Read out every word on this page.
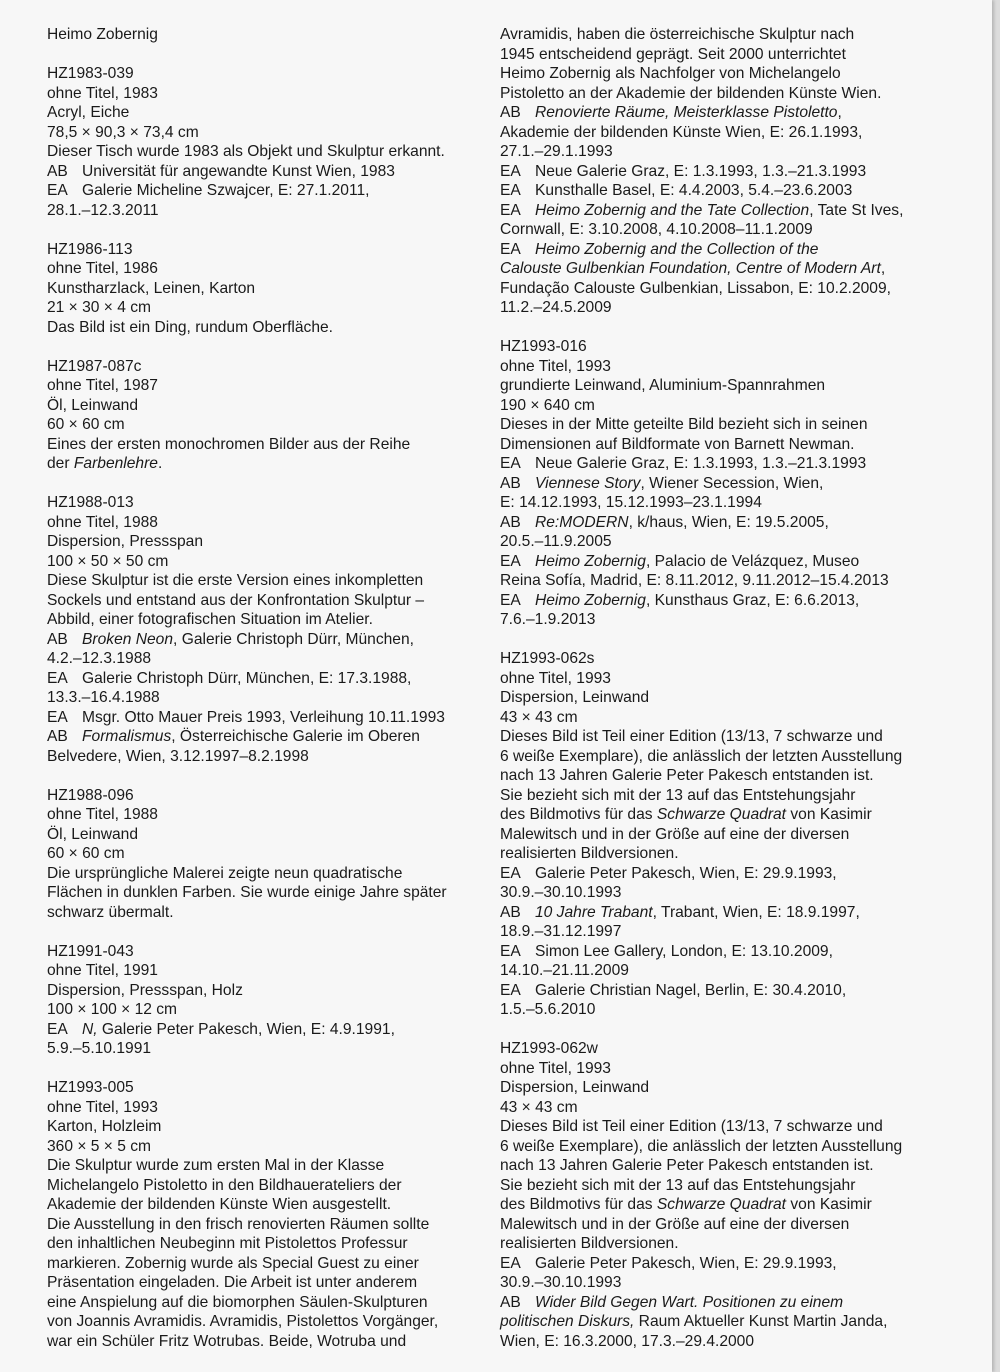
Heimo Zobernig
HZ1983-039
ohne Titel, 1983
Acryl, Eiche
78,5 × 90,3 × 73,4 cm
Dieser Tisch wurde 1983 als Objekt und Skulptur erkannt.
AB Universität für angewandte Kunst Wien, 1983
EA Galerie Micheline Szwajcer, E: 27.1.2011,
28.1.–12.3.2011
HZ1986-113
ohne Titel, 1986
Kunstharzlack, Leinen, Karton
21 × 30 × 4 cm
Das Bild ist ein Ding, rundum Oberfläche.
HZ1987-087c
ohne Titel, 1987
Öl, Leinwand
60 × 60 cm
Eines der ersten monochromen Bilder aus der Reihe
der Farbenlehre.
HZ1988-013
ohne Titel, 1988
Dispersion, Pressspan
100 × 50 × 50 cm
Diese Skulptur ist die erste Version eines inkompletten
Sockels und entstand aus der Konfrontation Skulptur –
Abbild, einer fotografischen Situation im Atelier.
AB Broken Neon, Galerie Christoph Dürr, München,
4.2.–12.3.1988
EA Galerie Christoph Dürr, München, E: 17.3.1988,
13.3.–16.4.1988
EA Msgr. Otto Mauer Preis 1993, Verleihung 10.11.1993
AB Formalismus, Österreichische Galerie im Oberen
Belvedere, Wien, 3.12.1997–8.2.1998
HZ1988-096
ohne Titel, 1988
Öl, Leinwand
60 × 60 cm
Die ursprüngliche Malerei zeigte neun quadratische
Flächen in dunklen Farben. Sie wurde einige Jahre später
schwarz übermalt.
HZ1991-043
ohne Titel, 1991
Dispersion, Pressspan, Holz
100 × 100 × 12 cm
EA N, Galerie Peter Pakesch, Wien, E: 4.9.1991,
5.9.–5.10.1991
HZ1993-005
ohne Titel, 1993
Karton, Holzleim
360 × 5 × 5 cm
Die Skulptur wurde zum ersten Mal in der Klasse
Michelangelo Pistoletto in den Bildhauerateliers der
Akademie der bildenden Künste Wien ausgestellt.
Die Ausstellung in den frisch renovierten Räumen sollte
den inhaltlichen Neubeginn mit Pistolettos Professur
markieren. Zobernig wurde als Special Guest zu einer
Präsentation eingeladen. Die Arbeit ist unter anderem
eine Anspielung auf die biomorphen Säulen-Skulpturen
von Joannis Avramidis. Avramidis, Pistolettos Vorgänger,
war ein Schüler Fritz Wotrubas. Beide, Wotruba und
Avramidis, haben die österreichische Skulptur nach
1945 entscheidend geprägt. Seit 2000 unterrichtet
Heimo Zobernig als Nachfolger von Michelangelo
Pistoletto an der Akademie der bildenden Künste Wien.
AB Renovierte Räume, Meisterklasse Pistoletto,
Akademie der bildenden Künste Wien, E: 26.1.1993,
27.1.–29.1.1993
EA Neue Galerie Graz, E: 1.3.1993, 1.3.–21.3.1993
EA Kunsthalle Basel, E: 4.4.2003, 5.4.–23.6.2003
EA Heimo Zobernig and the Tate Collection, Tate St Ives,
Cornwall, E: 3.10.2008, 4.10.2008–11.1.2009
EA Heimo Zobernig and the Collection of the
Calouste Gulbenkian Foundation, Centre of Modern Art,
Fundação Calouste Gulbenkian, Lissabon, E: 10.2.2009,
11.2.–24.5.2009
HZ1993-016
ohne Titel, 1993
grundierte Leinwand, Aluminium-Spannrahmen
190 × 640 cm
Dieses in der Mitte geteilte Bild bezieht sich in seinen
Dimensionen auf Bildformate von Barnett Newman.
EA Neue Galerie Graz, E: 1.3.1993, 1.3.–21.3.1993
AB Viennese Story, Wiener Secession, Wien,
E: 14.12.1993, 15.12.1993–23.1.1994
AB Re:MODERN, k/haus, Wien, E: 19.5.2005,
20.5.–11.9.2005
EA Heimo Zobernig, Palacio de Velázquez, Museo
Reina Sofía, Madrid, E: 8.11.2012, 9.11.2012–15.4.2013
EA Heimo Zobernig, Kunsthaus Graz, E: 6.6.2013,
7.6.–1.9.2013
HZ1993-062s
ohne Titel, 1993
Dispersion, Leinwand
43 × 43 cm
Dieses Bild ist Teil einer Edition (13/13, 7 schwarze und
6 weiße Exemplare), die anlässlich der letzten Ausstellung
nach 13 Jahren Galerie Peter Pakesch entstanden ist.
Sie bezieht sich mit der 13 auf das Entstehungsjahr
des Bildmotivs für das Schwarze Quadrat von Kasimir
Malewitsch und in der Größe auf eine der diversen
realisierten Bildversionen.
EA Galerie Peter Pakesch, Wien, E: 29.9.1993,
30.9.–30.10.1993
AB 10 Jahre Trabant, Trabant, Wien, E: 18.9.1997,
18.9.–31.12.1997
EA Simon Lee Gallery, London, E: 13.10.2009,
14.10.–21.11.2009
EA Galerie Christian Nagel, Berlin, E: 30.4.2010,
1.5.–5.6.2010
HZ1993-062w
ohne Titel, 1993
Dispersion, Leinwand
43 × 43 cm
Dieses Bild ist Teil einer Edition (13/13, 7 schwarze und
6 weiße Exemplare), die anlässlich der letzten Ausstellung
nach 13 Jahren Galerie Peter Pakesch entstanden ist.
Sie bezieht sich mit der 13 auf das Entstehungsjahr
des Bildmotivs für das Schwarze Quadrat von Kasimir
Malewitsch und in der Größe auf eine der diversen
realisierten Bildversionen.
EA Galerie Peter Pakesch, Wien, E: 29.9.1993,
30.9.–30.10.1993
AB Wider Bild Gegen Wart. Positionen zu einem
politischen Diskurs, Raum Aktueller Kunst Martin Janda,
Wien, E: 16.3.2000, 17.3.–29.4.2000
